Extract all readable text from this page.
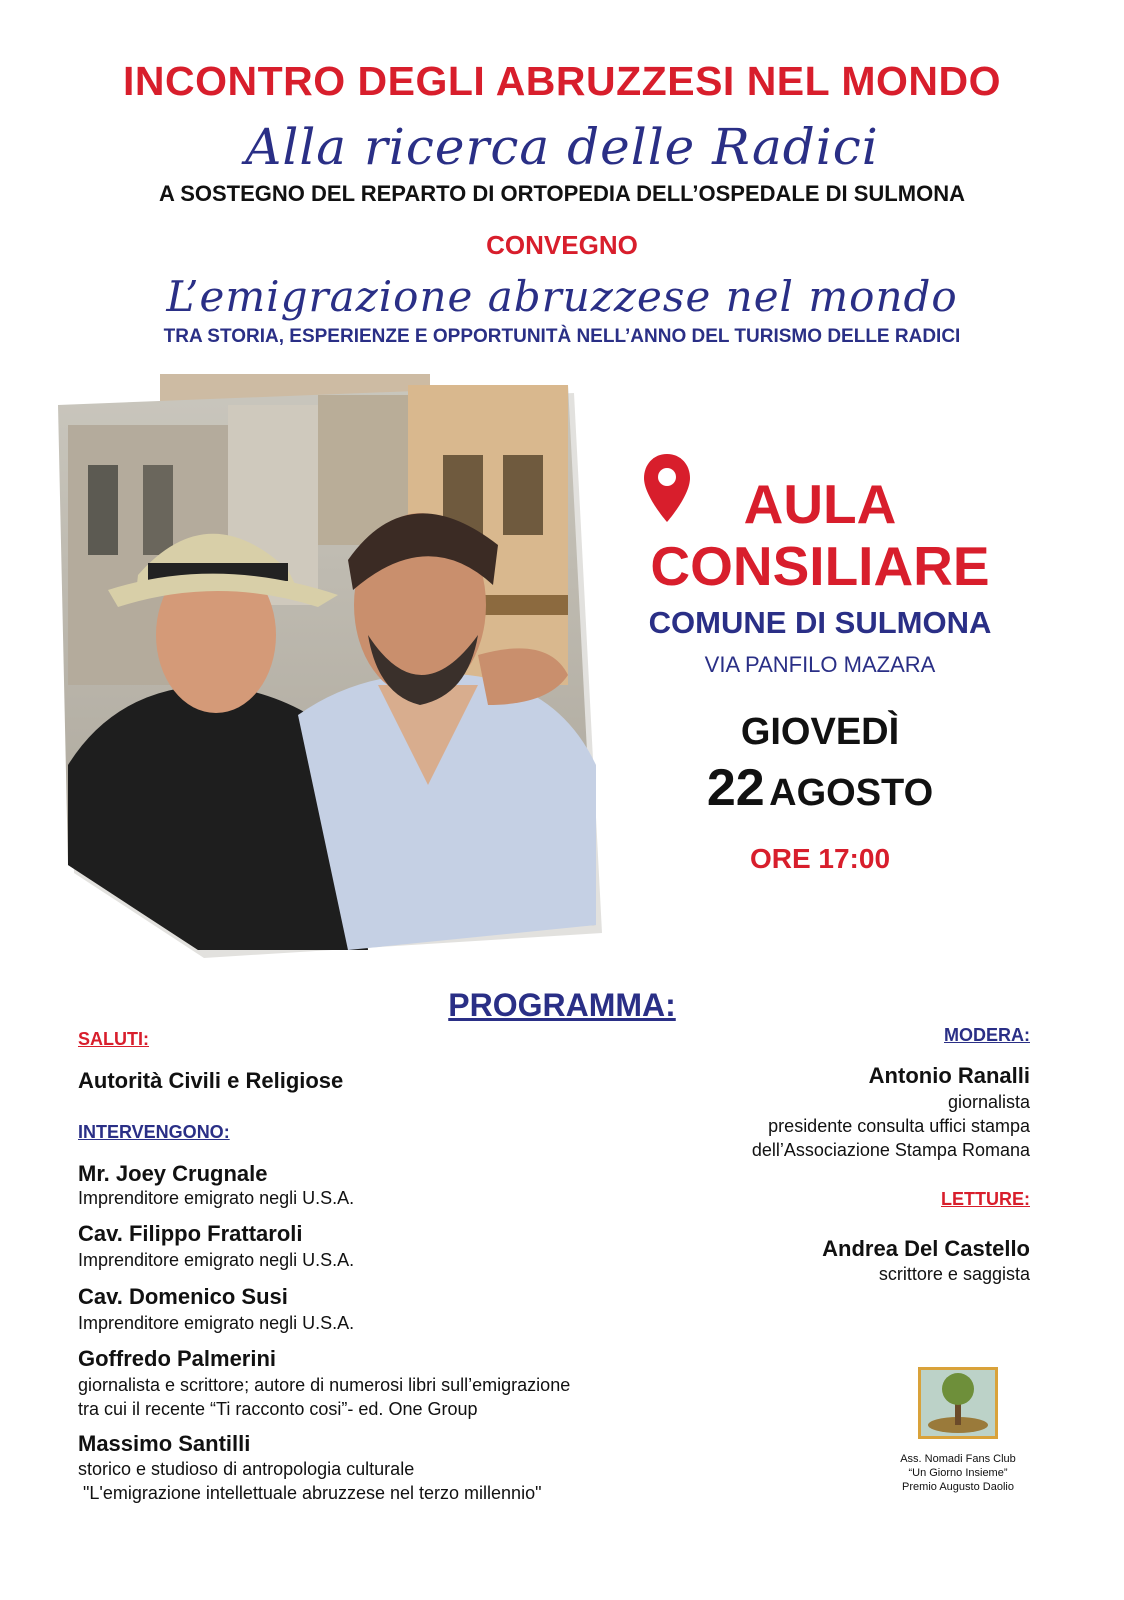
INCONTRO DEGLI ABRUZZESI NEL MONDO
Alla ricerca delle Radici
A SOSTEGNO DEL REPARTO DI ORTOPEDIA DELL’OSPEDALE DI SULMONA
CONVEGNO
L’emigrazione abruzzese nel mondo
TRA STORIA, ESPERIENZE E OPPORTUNITÀ NELL’ANNO DEL TURISMO DELLE RADICI
AULA
CONSILIARE
COMUNE DI SULMONA
VIA PANFILO MAZARA
GIOVEDÌ
22 AGOSTO
ORE 17:00
PROGRAMMA:
SALUTI:
Autorità Civili e Religiose
INTERVENGONO:
Mr. Joey Crugnale
Imprenditore emigrato negli U.S.A.
Cav. Filippo Frattaroli
Imprenditore emigrato negli U.S.A.
Cav. Domenico Susi
Imprenditore emigrato negli U.S.A.
Goffredo Palmerini
giornalista e scrittore; autore di numerosi libri sull’emigrazione
tra cui il recente “Ti racconto cosi”- ed. One Group
Massimo Santilli
storico e studioso di antropologia culturale
"L'emigrazione intellettuale abruzzese nel terzo millennio"
MODERA:
Antonio Ranalli
giornalista
presidente consulta uffici stampa
dell’Associazione Stampa Romana
LETTURE:
Andrea Del Castello
scrittore e saggista
Ass. Nomadi Fans Club
“Un Giorno Insieme”
Premio Augusto Daolio
